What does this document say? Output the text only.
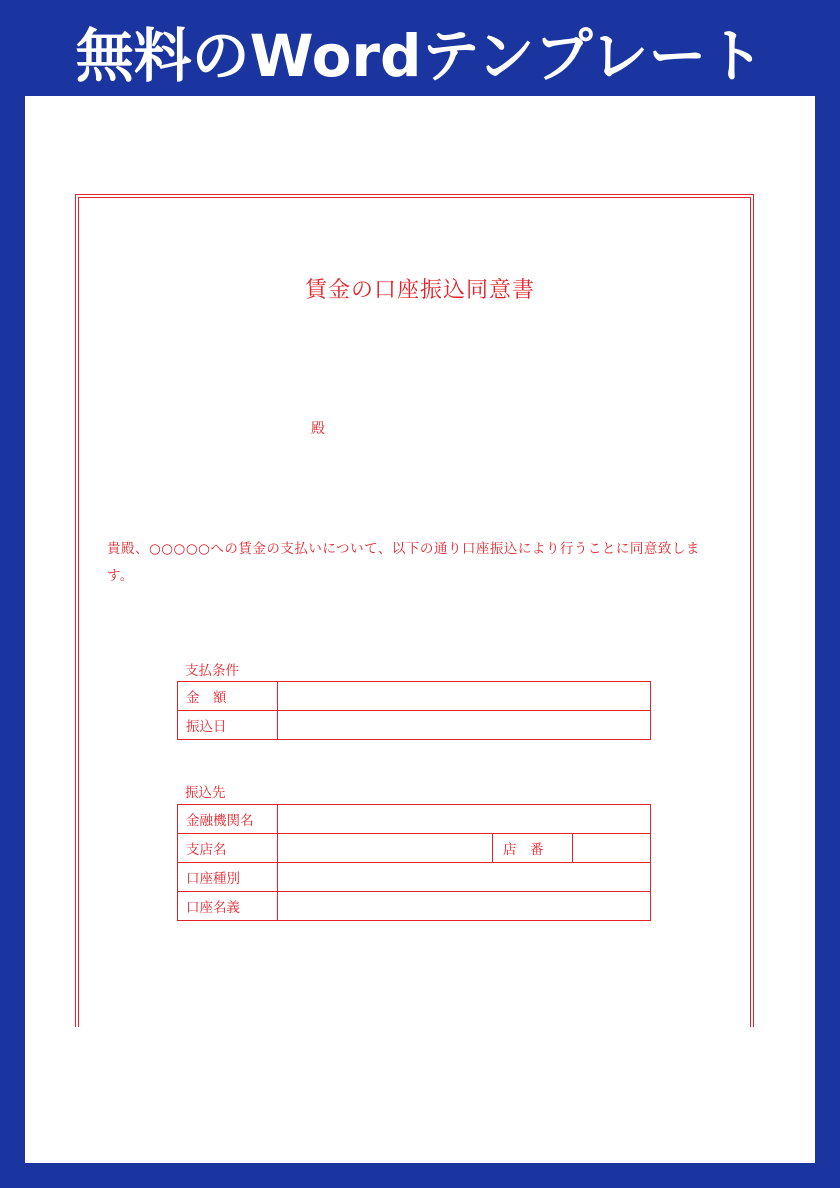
無料のWordテンプレート
賃金の口座振込同意書
殿
貴殿、○○○○○への賃金の支払いについて、以下の通り口座振込により行うことに同意致します。
支払条件
金　額	
振込日	
振込先
金融機関名			
支店名		店　番	
口座種別			
口座名義			
